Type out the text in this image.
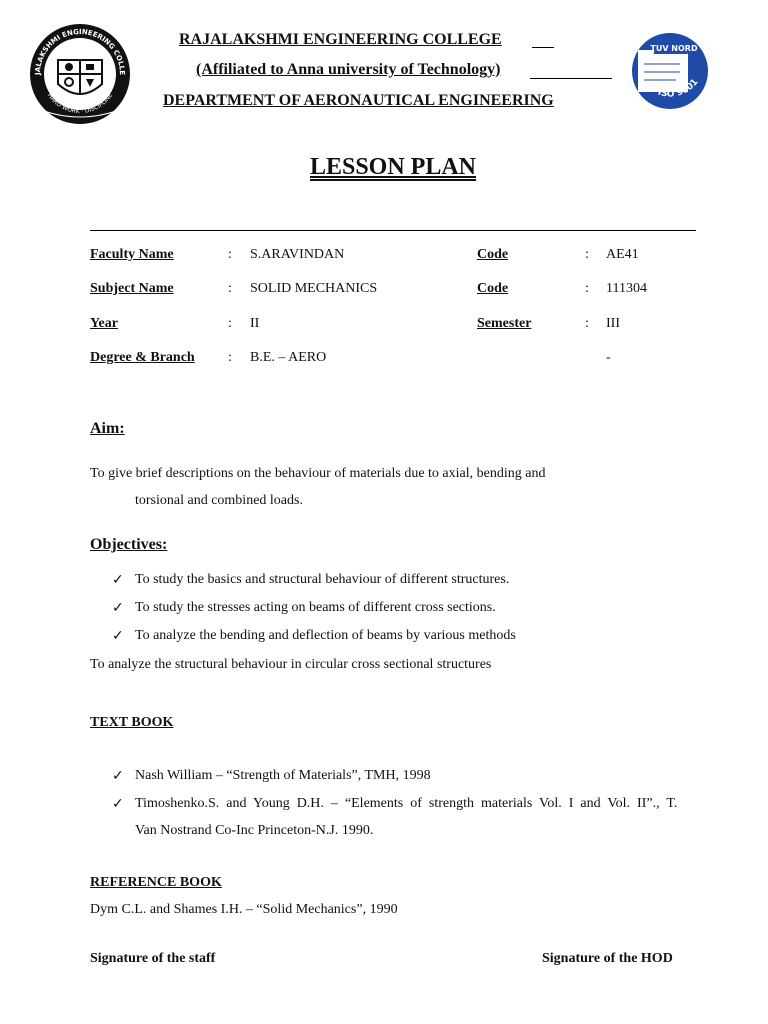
JALAKSHMI ENGINEERING COLLE
HARD WORK · DISCIPLINE
RAJALAKSHMI ENGINEERING COLLEGE
(Affiliated to Anna university of Technology)
DEPARTMENT OF AERONAUTICAL ENGINEERING
TUV NORD
ISO 9001
LESSON PLAN
Faculty Name	: S.ARAVINDAN	Code	: AE41
Subject Name	: SOLID MECHANICS	Code	: 111304
Year	: II	Semester	: III
Degree & Branch : B.E. – AERO	-
Aim:
To give brief descriptions on the behaviour of materials due to axial, bending and
torsional and combined loads.
Objectives:
✓ To study the basics and structural behaviour of different structures.
✓ To study the stresses acting on beams of different cross sections.
✓ To analyze the bending and deflection of beams by various methods
To analyze the structural behaviour in circular cross sectional structures
TEXT BOOK
✓ Nash William – “Strength of Materials”, TMH, 1998
✓ Timoshenko.S.  and  Young  D.H.  –  “Elements  of  strength  materials  Vol.  I  and  Vol.  II”.,  T.
Van Nostrand Co-Inc Princeton-N.J. 1990.
REFERENCE BOOK
Dym C.L. and Shames I.H. – “Solid Mechanics”, 1990
Signature of the staff	Signature of the HOD
